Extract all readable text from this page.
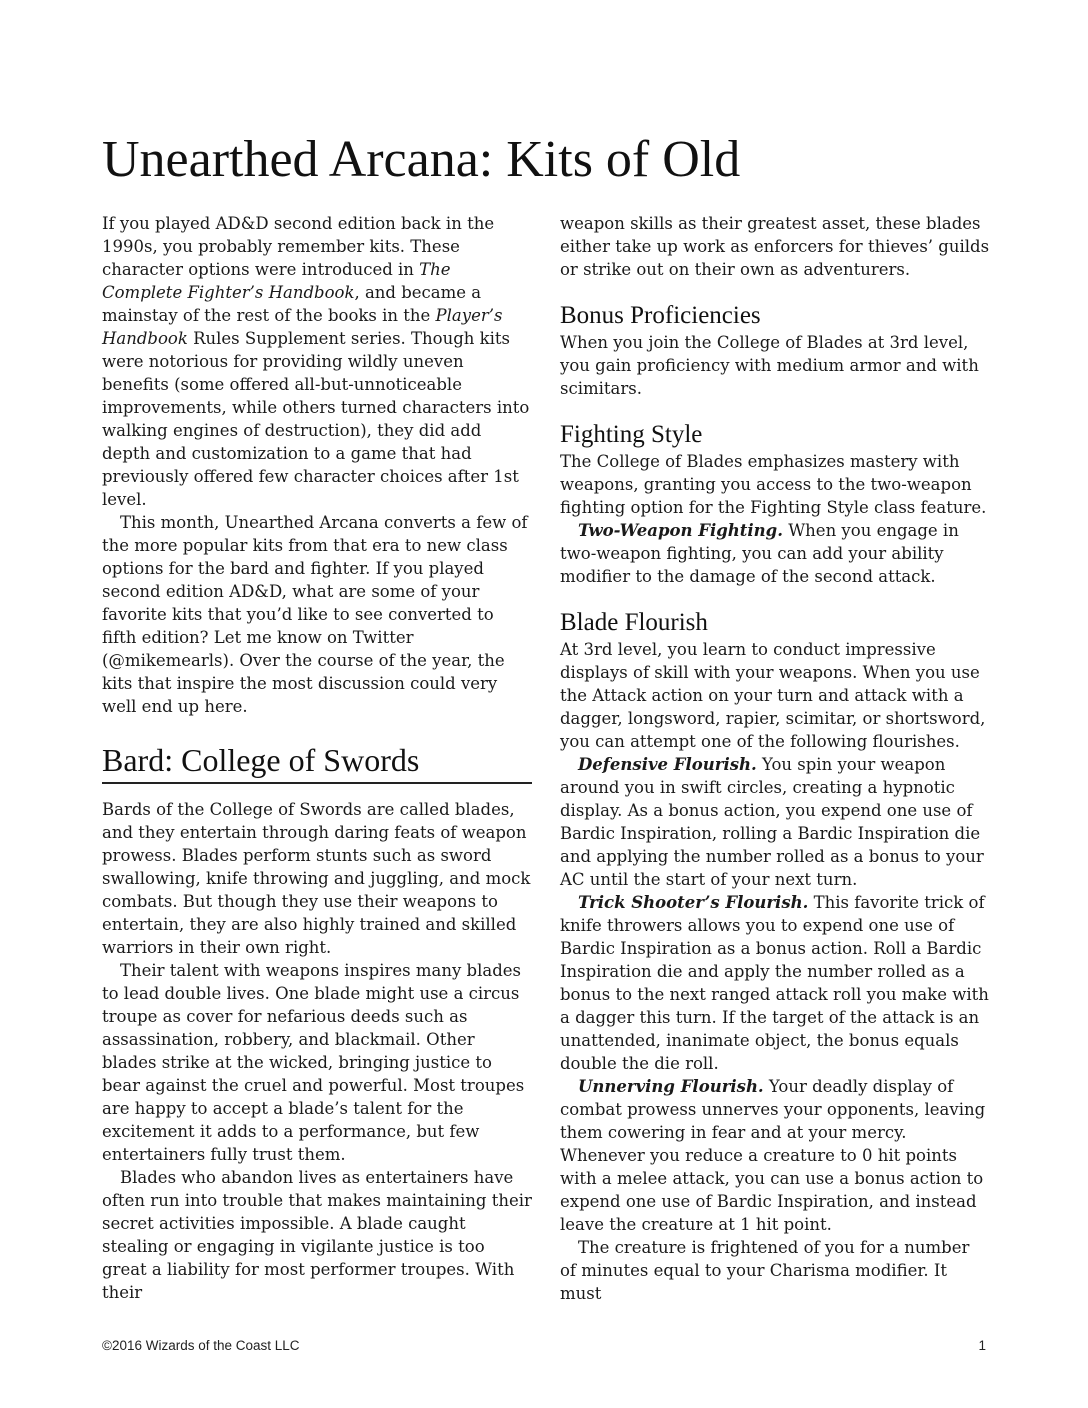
Unearthed Arcana: Kits of Old

If you played AD&D second edition back in the 1990s, you probably remember kits. These character options were introduced in The Complete Fighter’s Handbook, and became a mainstay of the rest of the books in the Player’s Handbook Rules Supplement series. Though kits were notorious for providing wildly uneven benefits (some offered all-but-unnoticeable improvements, while others turned characters into walking engines of destruction), they did add depth and customization to a game that had previously offered few character choices after 1st level.

This month, Unearthed Arcana converts a few of the more popular kits from that era to new class options for the bard and fighter. If you played second edition AD&D, what are some of your favorite kits that you’d like to see converted to fifth edition? Let me know on Twitter (@mikemearls). Over the course of the year, the kits that inspire the most discussion could very well end up here.

Bard: College of Swords

Bards of the College of Swords are called blades, and they entertain through daring feats of weapon prowess. Blades perform stunts such as sword swallowing, knife throwing and juggling, and mock combats. But though they use their weapons to entertain, they are also highly trained and skilled warriors in their own right.

Their talent with weapons inspires many blades to lead double lives. One blade might use a circus troupe as cover for nefarious deeds such as assassination, robbery, and blackmail. Other blades strike at the wicked, bringing justice to bear against the cruel and powerful. Most troupes are happy to accept a blade’s talent for the excitement it adds to a performance, but few entertainers fully trust them.

Blades who abandon lives as entertainers have often run into trouble that makes maintaining their secret activities impossible. A blade caught stealing or engaging in vigilante justice is too great a liability for most performer troupes. With their

weapon skills as their greatest asset, these blades either take up work as enforcers for thieves’ guilds or strike out on their own as adventurers.

Bonus Proficiencies

When you join the College of Blades at 3rd level, you gain proficiency with medium armor and with scimitars.

Fighting Style

The College of Blades emphasizes mastery with weapons, granting you access to the two-weapon fighting option for the Fighting Style class feature.

Two-Weapon Fighting. When you engage in two-weapon fighting, you can add your ability modifier to the damage of the second attack.

Blade Flourish

At 3rd level, you learn to conduct impressive displays of skill with your weapons. When you use the Attack action on your turn and attack with a dagger, longsword, rapier, scimitar, or shortsword, you can attempt one of the following flourishes.

Defensive Flourish. You spin your weapon around you in swift circles, creating a hypnotic display. As a bonus action, you expend one use of Bardic Inspiration, rolling a Bardic Inspiration die and applying the number rolled as a bonus to your AC until the start of your next turn.

Trick Shooter’s Flourish. This favorite trick of knife throwers allows you to expend one use of Bardic Inspiration as a bonus action. Roll a Bardic Inspiration die and apply the number rolled as a bonus to the next ranged attack roll you make with a dagger this turn. If the target of the attack is an unattended, inanimate object, the bonus equals double the die roll.

Unnerving Flourish. Your deadly display of combat prowess unnerves your opponents, leaving them cowering in fear and at your mercy. Whenever you reduce a creature to 0 hit points with a melee attack, you can use a bonus action to expend one use of Bardic Inspiration, and instead leave the creature at 1 hit point.

The creature is frightened of you for a number of minutes equal to your Charisma modifier. It must

©2016 Wizards of the Coast LLC	1
